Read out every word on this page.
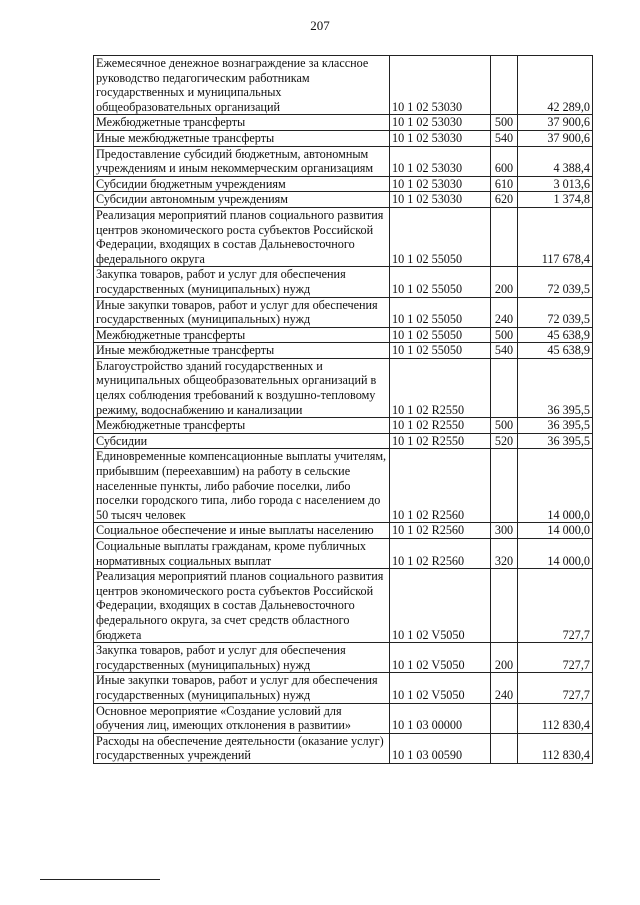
207
Ежемесячное денежное вознаграждение за классное руководство педагогическим работникам государственных и муниципальных общеобразовательных организаций	10 1 02 53030		42 289,0
Межбюджетные трансферты	10 1 02 53030	500	37 900,6
Иные межбюджетные трансферты	10 1 02 53030	540	37 900,6
Предоставление субсидий бюджетным, автономным учреждениям и иным некоммерческим организациям	10 1 02 53030	600	4 388,4
Субсидии бюджетным учреждениям	10 1 02 53030	610	3 013,6
Субсидии автономным учреждениям	10 1 02 53030	620	1 374,8
Реализация мероприятий планов социального развития центров экономического роста субъектов Российской Федерации, входящих в состав Дальневосточного федерального округа	10 1 02 55050		117 678,4
Закупка товаров, работ и услуг для обеспечения государственных (муниципальных) нужд	10 1 02 55050	200	72 039,5
Иные закупки товаров, работ и услуг для обеспечения государственных (муниципальных) нужд	10 1 02 55050	240	72 039,5
Межбюджетные трансферты	10 1 02 55050	500	45 638,9
Иные межбюджетные трансферты	10 1 02 55050	540	45 638,9
Благоустройство зданий государственных и муниципальных общеобразовательных организаций в целях соблюдения требований к воздушно-тепловому режиму, водоснабжению и канализации	10 1 02 R2550		36 395,5
Межбюджетные трансферты	10 1 02 R2550	500	36 395,5
Субсидии	10 1 02 R2550	520	36 395,5
Единовременные компенсационные выплаты учителям, прибывшим (переехавшим) на работу в сельские населенные пункты, либо рабочие поселки, либо поселки городского типа, либо города с населением до 50 тысяч человек	10 1 02 R2560		14 000,0
Социальное обеспечение и иные выплаты населению	10 1 02 R2560	300	14 000,0
Социальные выплаты гражданам, кроме публичных нормативных социальных выплат	10 1 02 R2560	320	14 000,0
Реализация мероприятий планов социального развития центров экономического роста субъектов Российской Федерации, входящих в состав Дальневосточного федерального округа, за счет средств областного бюджета	10 1 02 V5050		727,7
Закупка товаров, работ и услуг для обеспечения государственных (муниципальных) нужд	10 1 02 V5050	200	727,7
Иные закупки товаров, работ и услуг для обеспечения государственных (муниципальных) нужд	10 1 02 V5050	240	727,7
Основное мероприятие «Создание условий для обучения лиц, имеющих отклонения в развитии»	10 1 03 00000		112 830,4
Расходы на обеспечение деятельности (оказание услуг) государственных учреждений	10 1 03 00590		112 830,4
